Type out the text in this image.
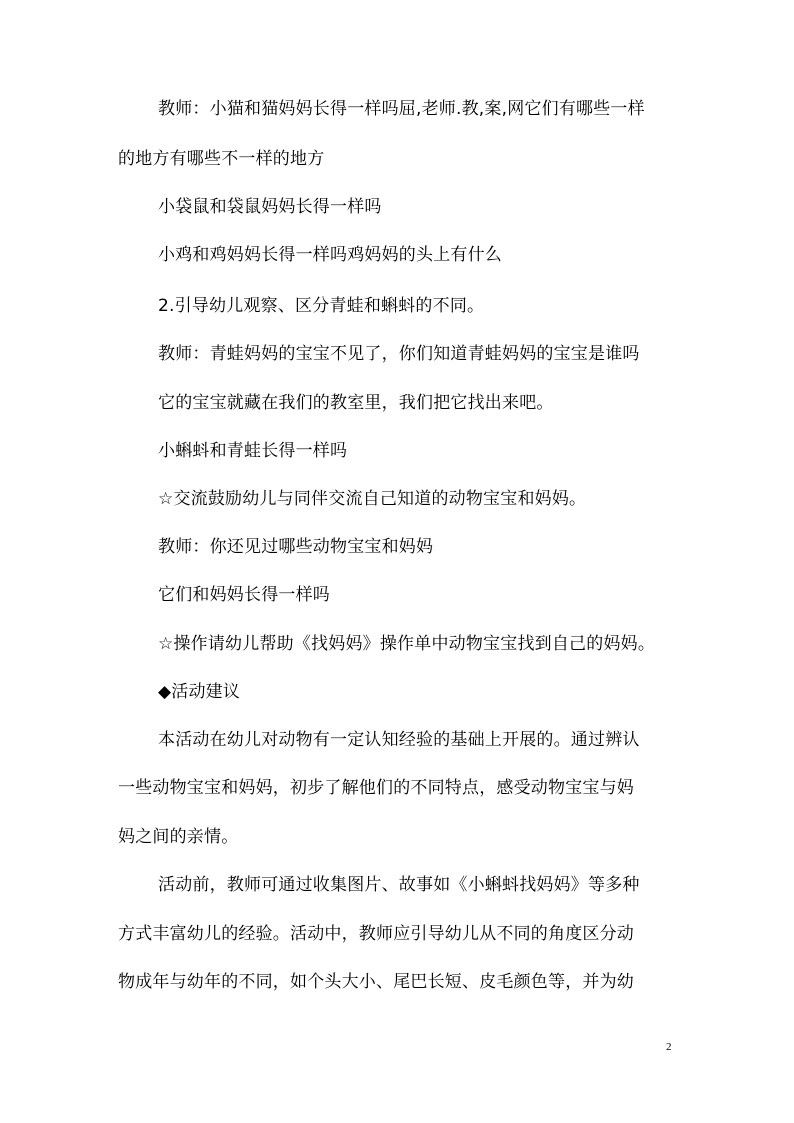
教师：小猫和猫妈妈长得一样吗屈,老师.教,案,网它们有哪些一样
的地方有哪些不一样的地方
小袋鼠和袋鼠妈妈长得一样吗
小鸡和鸡妈妈长得一样吗鸡妈妈的头上有什么
2.引导幼儿观察、区分青蛙和蝌蚪的不同。
教师：青蛙妈妈的宝宝不见了，你们知道青蛙妈妈的宝宝是谁吗
它的宝宝就藏在我们的教室里，我们把它找出来吧。
小蝌蚪和青蛙长得一样吗
☆交流鼓励幼儿与同伴交流自己知道的动物宝宝和妈妈。
教师：你还见过哪些动物宝宝和妈妈
它们和妈妈长得一样吗
☆操作请幼儿帮助《找妈妈》操作单中动物宝宝找到自己的妈妈。
◆活动建议
本活动在幼儿对动物有一定认知经验的基础上开展的。通过辨认
一些动物宝宝和妈妈，初步了解他们的不同特点，感受动物宝宝与妈
妈之间的亲情。
活动前，教师可通过收集图片、故事如《小蝌蚪找妈妈》等多种
方式丰富幼儿的经验。活动中，教师应引导幼儿从不同的角度区分动
物成年与幼年的不同，如个头大小、尾巴长短、皮毛颜色等，并为幼
2
